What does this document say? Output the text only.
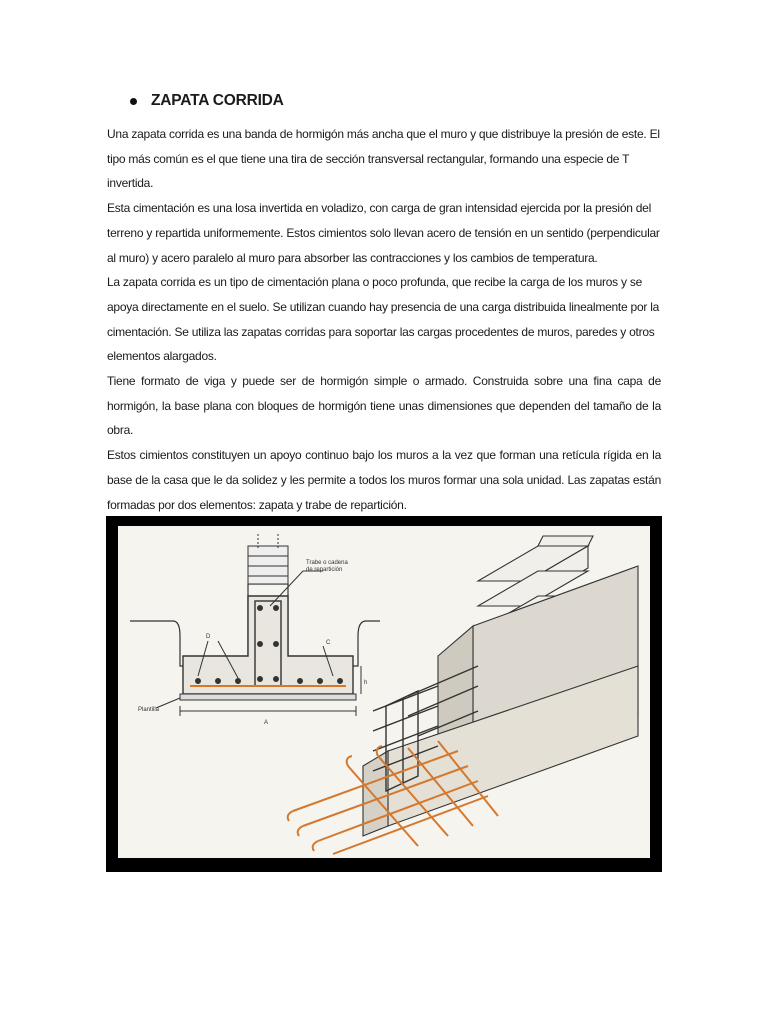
ZAPATA CORRIDA

Una zapata corrida es una banda de hormigón más ancha que el muro y que distribuye la presión de este. El tipo más común es el que tiene una tira de sección transversal rectangular, formando una especie de T invertida.

Esta cimentación es una losa invertida en voladizo, con carga de gran intensidad ejercida por la presión del terreno y repartida uniformemente. Estos cimientos solo llevan acero de tensión en un sentido (perpendicular al muro) y acero paralelo al muro para absorber las contracciones y los cambios de temperatura.

La zapata corrida es un tipo de cimentación plana o poco profunda, que recibe la carga de los muros y se apoya directamente en el suelo. Se utilizan cuando hay presencia de una carga distribuida linealmente por la cimentación. Se utiliza las zapatas corridas para soportar las cargas procedentes de muros, paredes y otros elementos alargados.

Tiene formato de viga y puede ser de hormigón simple o armado. Construida sobre una fina capa de hormigón, la base plana con bloques de hormigón tiene unas dimensiones que dependen del tamaño de la obra.

Estos cimientos constituyen un apoyo continuo bajo los muros a la vez que forman una retícula rígida en la base de la casa que le da solidez y les permite a todos los muros formar una sola unidad. Las zapatas están formadas por dos elementos: zapata y trabe de repartición.

Trabe o cadena
de repartición
D
C
h
Plantilla
A
